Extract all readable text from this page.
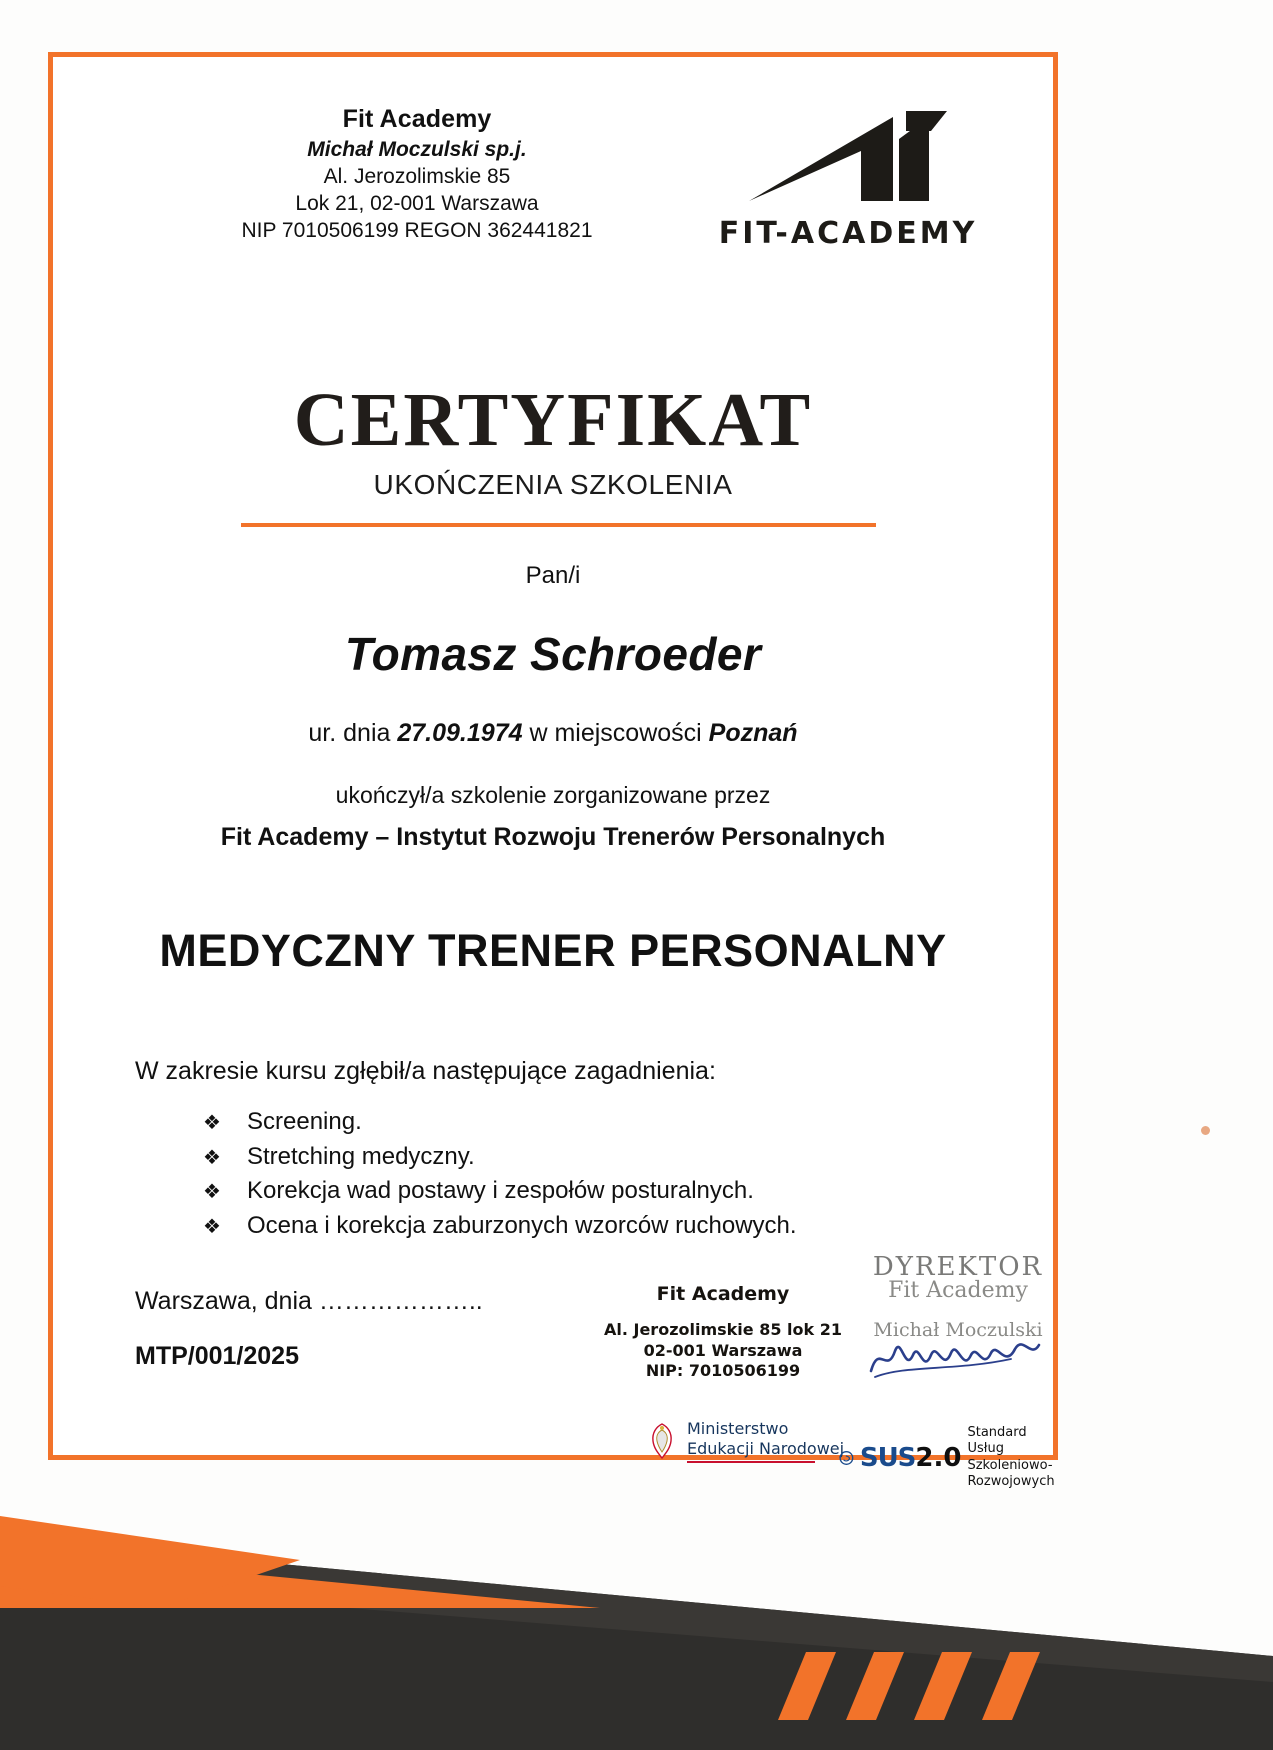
Fit Academy
Michał Moczulski sp.j.
Al. Jerozolimskie 85
Lok 21, 02-001 Warszawa
NIP 7010506199 REGON 362441821	FIT-ACADEMY
CERTYFIKAT
UKOŃCZENIA SZKOLENIA
Pan/i
Tomasz Schroeder
ur. dnia 27.09.1974 w miejscowości Poznań
ukończył/a szkolenie zorganizowane przez
Fit Academy – Instytut Rozwoju Trenerów Personalnych
MEDYCZNY TRENER PERSONALNY
W zakresie kursu zgłębił/a następujące zagadnienia:
❖	Screening.
❖	Stretching medyczny.
❖	Korekcja wad postawy i zespołów posturalnych.
❖	Ocena i korekcja zaburzonych wzorców ruchowych.
Warszawa, dnia ………………..
MTP/001/2025
Fit Academy
Al. Jerozolimskie 85 lok 21
02-001 Warszawa
NIP: 7010506199
DYREKTOR
Fit Academy
Michał Moczulski
Ministerstwo
Edukacji Narodowej SUS 2.0
Standard Usług
Szkoleniowo-Rozwojowych
